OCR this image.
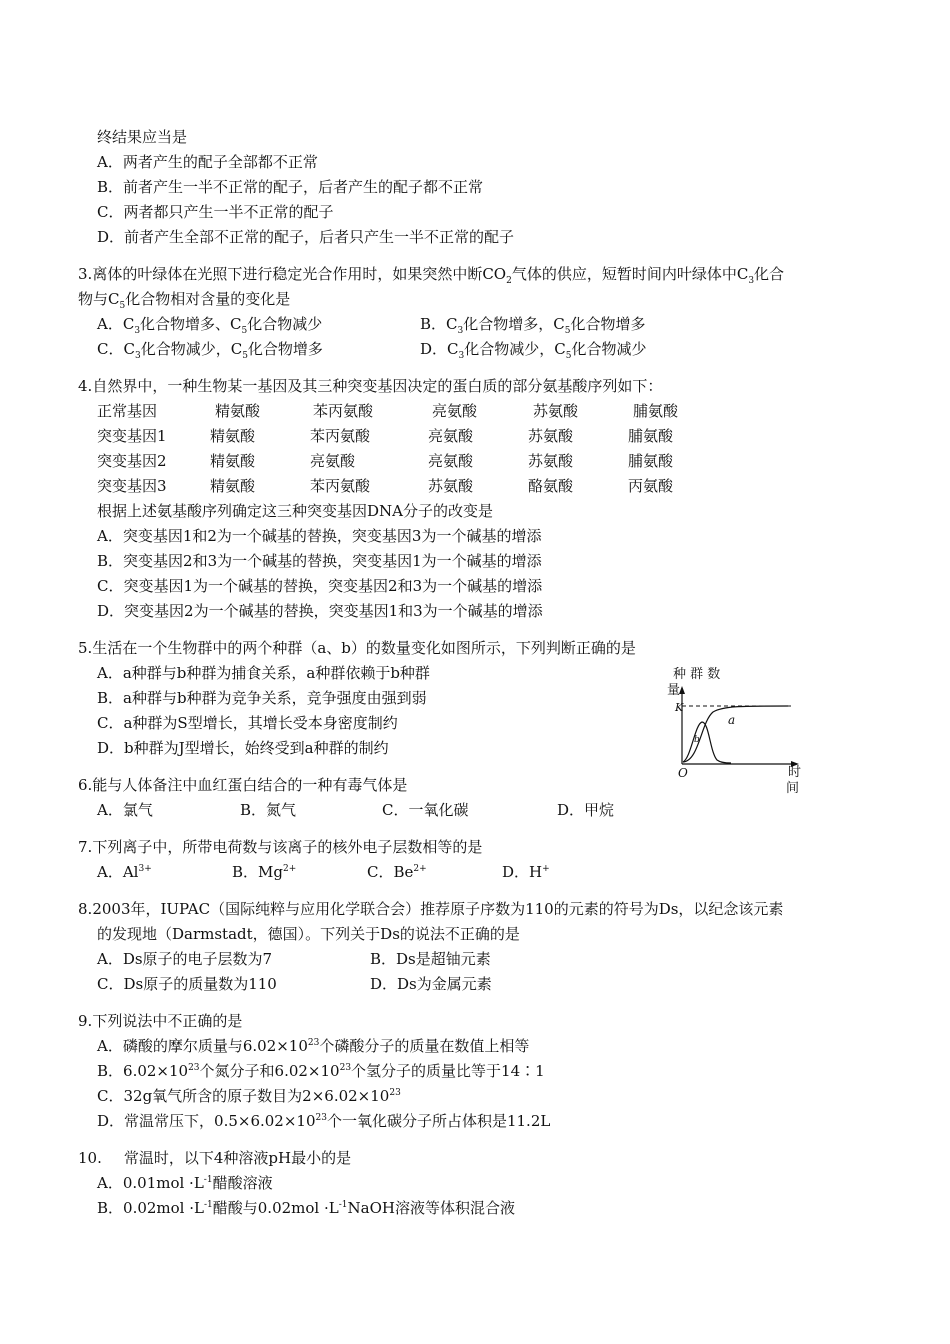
终结果应当是
A．两者产生的配子全部都不正常
B．前者产生一半不正常的配子，后者产生的配子都不正常
C．两者都只产生一半不正常的配子
D．前者产生全部不正常的配子，后者只产生一半不正常的配子
3.离体的叶绿体在光照下进行稳定光合作用时，如果突然中断$CO_2$气体的供应，短暂时间内叶绿体中$C_3$化合
物与$C_5$化合物相对含量的变化是
A．$C_3$化合物增多、$C_5$化合物减少	B．$C_3$化合物增多，$C_5$化合物增多
C．$C_3$化合物减少，$C_5$化合物增多	D．$C_3$化合物减少，$C_5$化合物减少
4.自然界中，一种生物某一基因及其三种突变基因决定的蛋白质的部分氨基酸序列如下：
正常基因	精氨酸	苯丙氨酸	亮氨酸	苏氨酸	脯氨酸
突变基因1	精氨酸	苯丙氨酸	亮氨酸	苏氨酸	脯氨酸
突变基因2	精氨酸	亮氨酸	亮氨酸	苏氨酸	脯氨酸
突变基因3	精氨酸	苯丙氨酸	苏氨酸	酪氨酸	丙氨酸
根据上述氨基酸序列确定这三种突变基因DNA分子的改变是
A．突变基因1和2为一个碱基的替换，突变基因3为一个碱基的增添
B．突变基因2和3为一个碱基的替换，突变基因1为一个碱基的增添
C．突变基因1为一个碱基的替换，突变基因2和3为一个碱基的增添
D．突变基因2为一个碱基的替换，突变基因1和3为一个碱基的增添
5.生活在一个生物群中的两个种群（a、b）的数量变化如图所示，下列判断正确的是
A．a种群与b种群为捕食关系，a种群依赖于b种群
B．a种群与b种群为竞争关系，竞争强度由强到弱
C．a种群为S型增长，其增长受本身密度制约
D．b种群为J型增长，始终受到a种群的制约
种 群 数
量
K
a
b
O	时
间
6.能与人体备注中血红蛋白结合的一种有毒气体是
A．氯气	B．氮气	C．一氧化碳	D．甲烷
7.下列离子中，所带电荷数与该离子的核外电子层数相等的是
A．$Al^{3+}$	B．$Mg^{2+}$	C．$Be^{2+}$	D．H+
8.2003年，IUPAC（国际纯粹与应用化学联合会）推荐原子序数为110的元素的符号为Ds，以纪念该元素
的发现地（Darmstadt，德国）。下列关于Ds的说法不正确的是
A．Ds原子的电子层数为7	B．Ds是超铀元素
C．Ds原子的质量数为110	D．Ds为金属元素
9.下列说法中不正确的是
A．磷酸的摩尔质量与$6.02\times 10^{23}$个磷酸分子的质量在数值上相等
B．$6.02\times 10^{23}$个氮分子和$6.02\times 10^{23}$个氢分子的质量比等于14∶1
C．32g氧气所含的原子数目为$2\times 6.02\times 10^{23}$
D．常温常压下，$0.5\times 6.02\times 10^{23}$个一氧化碳分子所占体积是11.2L
10. 常温时，以下4种溶液pH最小的是
A．$0.01mol \cdot L^{-1}$醋酸溶液
B．$0.02mol \cdot L^{-1}$醋酸与$0.02mol \cdot L^{-1}NaOH$溶液等体积混合液
